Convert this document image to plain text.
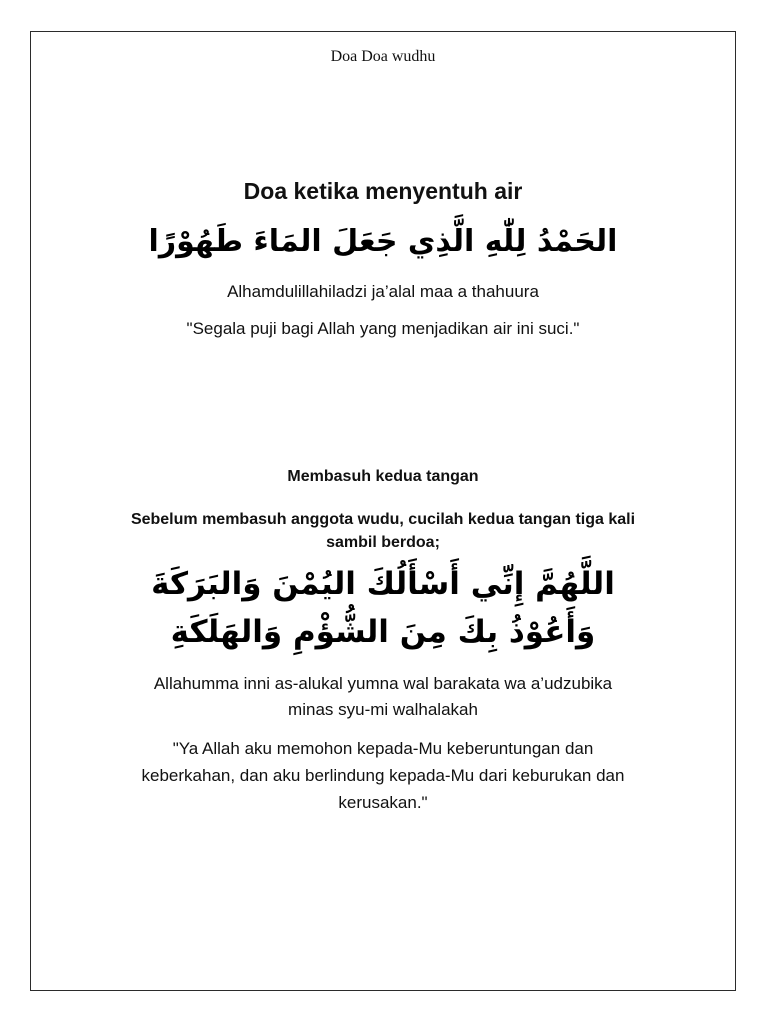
Doa Doa wudhu
Doa ketika menyentuh air
الحَمْدُ لِلّٰهِ الَّذِي جَعَلَ المَاءَ طَهُوْرًا
Alhamdulillahiladzi ja’alal maa a thahuura
"Segala puji bagi Allah yang menjadikan air ini suci."
Membasuh kedua tangan
Sebelum membasuh anggota wudu, cucilah kedua tangan tiga kali sambil berdoa;
اللَّهُمَّ إِنِّي أَسْأَلُكَ اليُمْنَ وَالبَرَكَةَ وَأَعُوْذُ بِكَ مِنَ الشُّؤْمِ وَالهَلَكَةِ
Allahumma inni as-alukal yumna wal barakata wa a’udzubika minas syu-mi walhalakah
"Ya Allah aku memohon kepada-Mu keberuntungan dan keberkahan, dan aku berlindung kepada-Mu dari keburukan dan kerusakan."
